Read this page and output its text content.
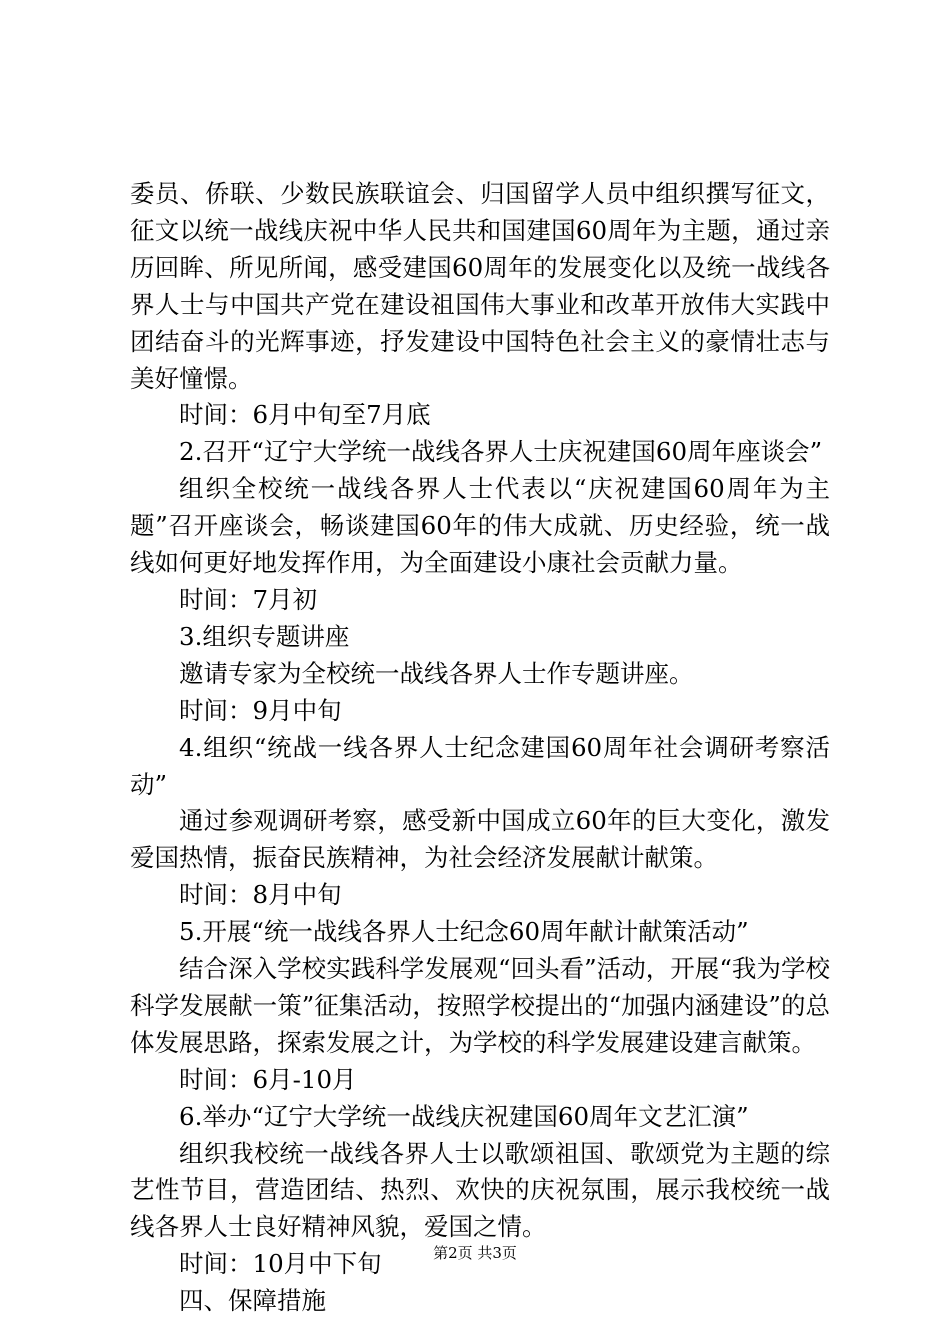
委员、侨联、少数民族联谊会、归国留学人员中组织撰写征文，征文以统一战线庆祝中华人民共和国建国60周年为主题，通过亲历回眸、所见所闻，感受建国60周年的发展变化以及统一战线各界人士与中国共产党在建设祖国伟大事业和改革开放伟大实践中团结奋斗的光辉事迹，抒发建设中国特色社会主义的豪情壮志与美好憧憬。

时间：6月中旬至7月底

2.召开“辽宁大学统一战线各界人士庆祝建国60周年座谈会”

组织全校统一战线各界人士代表以“庆祝建国60周年为主题”召开座谈会，畅谈建国60年的伟大成就、历史经验，统一战线如何更好地发挥作用，为全面建设小康社会贡献力量。

时间：7月初

3.组织专题讲座

邀请专家为全校统一战线各界人士作专题讲座。

时间：9月中旬

4.组织“统战一线各界人士纪念建国60周年社会调研考察活动”

通过参观调研考察，感受新中国成立60年的巨大变化，激发爱国热情，振奋民族精神，为社会经济发展献计献策。

时间：8月中旬

5.开展“统一战线各界人士纪念60周年献计献策活动”

结合深入学校实践科学发展观“回头看”活动，开展“我为学校科学发展献一策”征集活动，按照学校提出的“加强内涵建设”的总体发展思路，探索发展之计，为学校的科学发展建设建言献策。

时间：6月-10月

6.举办“辽宁大学统一战线庆祝建国60周年文艺汇演”

组织我校统一战线各界人士以歌颂祖国、歌颂党为主题的综艺性节目，营造团结、热烈、欢快的庆祝氛围，展示我校统一战线各界人士良好精神风貌，爱国之情。

时间：10月中下旬

四、保障措施

第2页 共3页
